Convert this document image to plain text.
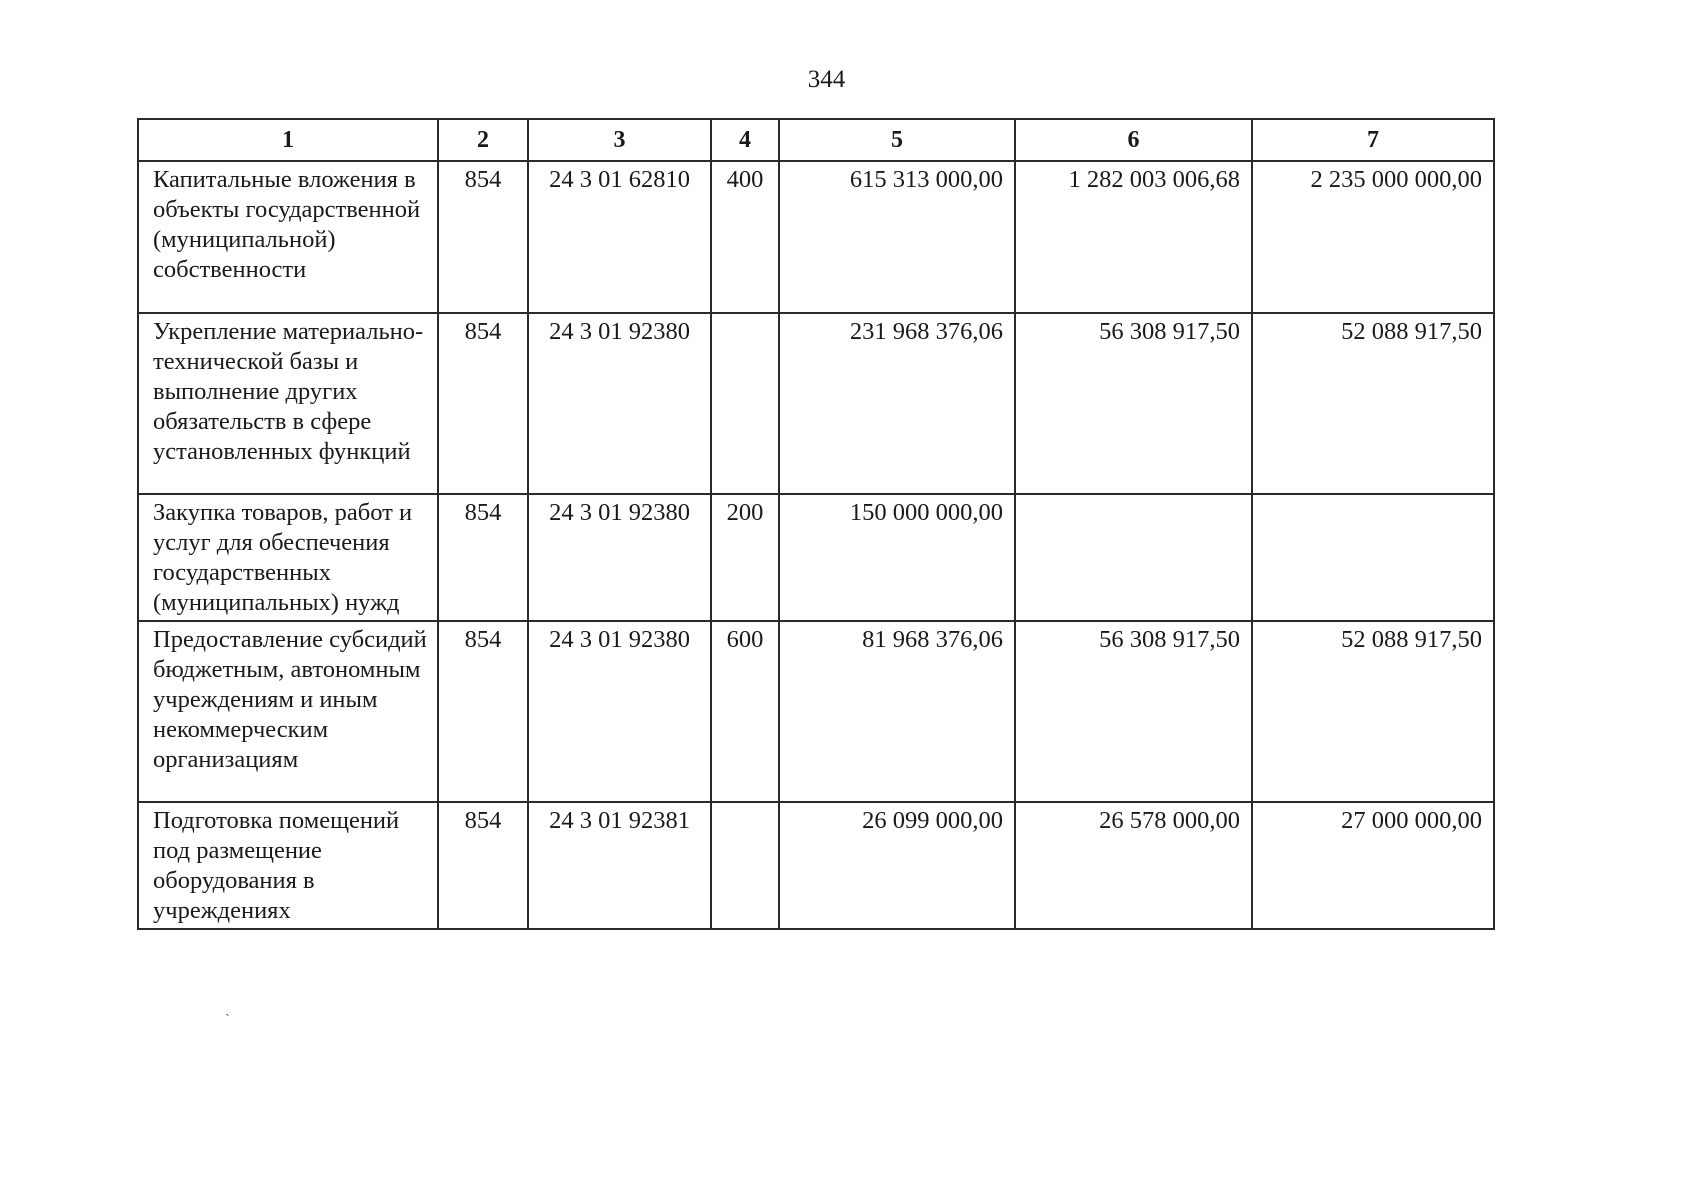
344
1	2	3	4	5	6	7
Капитальные вложения в объекты государственной (муниципальной) собственности	854	24 3 01 62810	400	615 313 000,00	1 282 003 006,68	2 235 000 000,00
Укрепление материально-технической базы и выполнение других обязательств в сфере установленных функций	854	24 3 01 92380		231 968 376,06	56 308 917,50	52 088 917,50
Закупка товаров, работ и услуг для обеспечения государственных (муниципальных) нужд	854	24 3 01 92380	200	150 000 000,00		
Предоставление субсидий бюджетным, автономным учреждениям и иным некоммерческим организациям	854	24 3 01 92380	600	81 968 376,06	56 308 917,50	52 088 917,50
Подготовка помещений под размещение оборудования в учреждениях	854	24 3 01 92381		26 099 000,00	26 578 000,00	27 000 000,00
ˏ
